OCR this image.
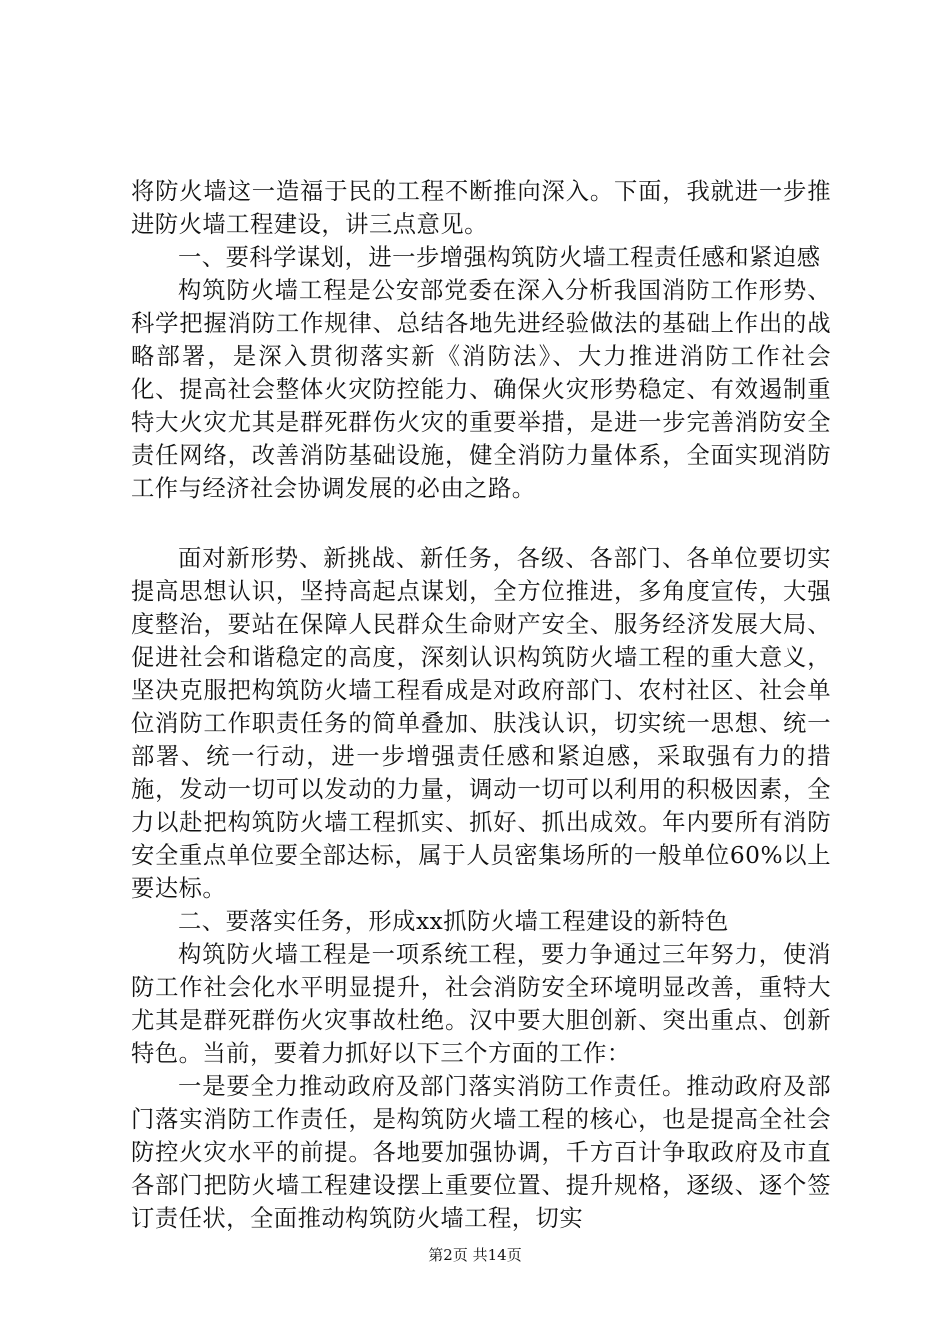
将防火墙这一造福于民的工程不断推向深入。下面，我就进一步推进防火墙工程建设，讲三点意见。

一、要科学谋划，进一步增强构筑防火墙工程责任感和紧迫感

构筑防火墙工程是公安部党委在深入分析我国消防工作形势、科学把握消防工作规律、总结各地先进经验做法的基础上作出的战略部署，是深入贯彻落实新《消防法》、大力推进消防工作社会化、提高社会整体火灾防控能力、确保火灾形势稳定、有效遏制重特大火灾尤其是群死群伤火灾的重要举措，是进一步完善消防安全责任网络，改善消防基础设施，健全消防力量体系，全面实现消防工作与经济社会协调发展的必由之路。

面对新形势、新挑战、新任务，各级、各部门、各单位要切实提高思想认识，坚持高起点谋划，全方位推进，多角度宣传，大强度整治，要站在保障人民群众生命财产安全、服务经济发展大局、促进社会和谐稳定的高度，深刻认识构筑防火墙工程的重大意义，坚决克服把构筑防火墙工程看成是对政府部门、农村社区、社会单位消防工作职责任务的简单叠加、肤浅认识，切实统一思想、统一部署、统一行动，进一步增强责任感和紧迫感，采取强有力的措施，发动一切可以发动的力量，调动一切可以利用的积极因素，全力以赴把构筑防火墙工程抓实、抓好、抓出成效。年内要所有消防安全重点单位要全部达标，属于人员密集场所的一般单位60%以上要达标。

二、要落实任务，形成xx抓防火墙工程建设的新特色

构筑防火墙工程是一项系统工程，要力争通过三年努力，使消防工作社会化水平明显提升，社会消防安全环境明显改善，重特大尤其是群死群伤火灾事故杜绝。汉中要大胆创新、突出重点、创新特色。当前，要着力抓好以下三个方面的工作：

一是要全力推动政府及部门落实消防工作责任。推动政府及部门落实消防工作责任，是构筑防火墙工程的核心，也是提高全社会防控火灾水平的前提。各地要加强协调，千方百计争取政府及市直各部门把防火墙工程建设摆上重要位置、提升规格，逐级、逐个签订责任状，全面推动构筑防火墙工程，切实

第2页 共14页
